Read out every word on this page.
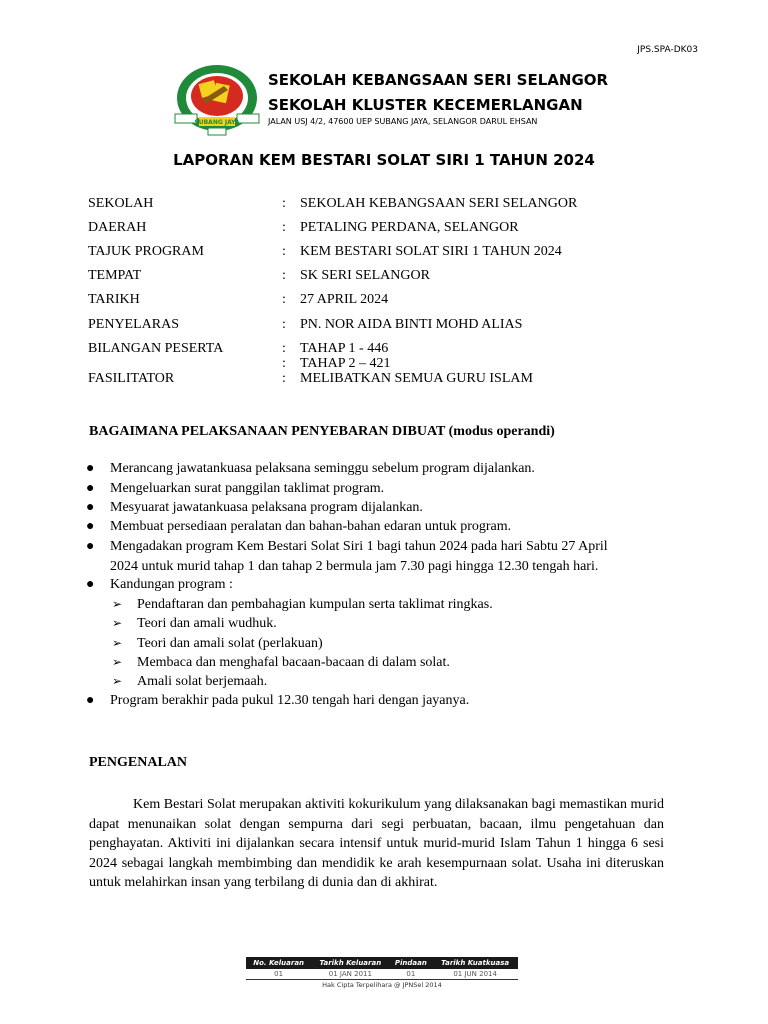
JPS.SPA-DK03
SUBANG JAYA
SEKOLAH KEBANGSAAN SERI SELANGOR
SEKOLAH KLUSTER KECEMERLANGAN
JALAN USJ 4/2, 47600 UEP SUBANG JAYA, SELANGOR DARUL EHSAN
LAPORAN KEM BESTARI SOLAT SIRI 1 TAHUN 2024
SEKOLAH	: SEKOLAH KEBANGSAAN SERI SELANGOR
DAERAH	: PETALING PERDANA, SELANGOR
TAJUK PROGRAM	: KEM BESTARI SOLAT SIRI 1 TAHUN 2024
TEMPAT	: SK SERI SELANGOR
TARIKH	: 27 APRIL 2024
PENYELARAS	: PN. NOR AIDA BINTI MOHD ALIAS
BILANGAN PESERTA	: TAHAP 1 - 446
: TAHAP 2 – 421
FASILITATOR	: MELIBATKAN SEMUA GURU ISLAM
BAGAIMANA PELAKSANAAN PENYEBARAN DIBUAT (modus operandi)
● Merancang jawatankuasa pelaksana seminggu sebelum program dijalankan.
● Mengeluarkan surat panggilan taklimat program.
● Mesyuarat jawatankuasa pelaksana program dijalankan.
● Membuat persediaan peralatan dan bahan-bahan edaran untuk program.
● Mengadakan program Kem Bestari Solat Siri 1 bagi tahun 2024 pada hari Sabtu 27 April
2024 untuk murid tahap 1 dan tahap 2 bermula jam 7.30 pagi hingga 12.30 tengah hari.
● Kandungan program :
➢ Pendaftaran dan pembahagian kumpulan serta taklimat ringkas.
➢ Teori dan amali wudhuk.
➢ Teori dan amali solat (perlakuan)
➢ Membaca dan menghafal bacaan-bacaan di dalam solat.
➢ Amali solat berjemaah.
● Program berakhir pada pukul 12.30 tengah hari dengan jayanya.
PENGENALAN
Kem Bestari Solat merupakan aktiviti kokurikulum yang dilaksanakan bagi memastikan murid dapat menunaikan solat dengan sempurna dari segi perbuatan, bacaan, ilmu pengetahuan dan penghayatan. Aktiviti ini dijalankan secara intensif untuk murid-murid Islam Tahun 1 hingga 6 sesi 2024 sebagai langkah membimbing dan mendidik ke arah kesempurnaan solat. Usaha ini diteruskan untuk melahirkan insan yang terbilang di dunia dan di akhirat.
No. Keluaran	Tarikh Keluaran	Pindaan	Tarikh Kuatkuasa
01	01 JAN 2011	01	01 JUN 2014
Hak Cipta Terpelihara @ JPNSel 2014
